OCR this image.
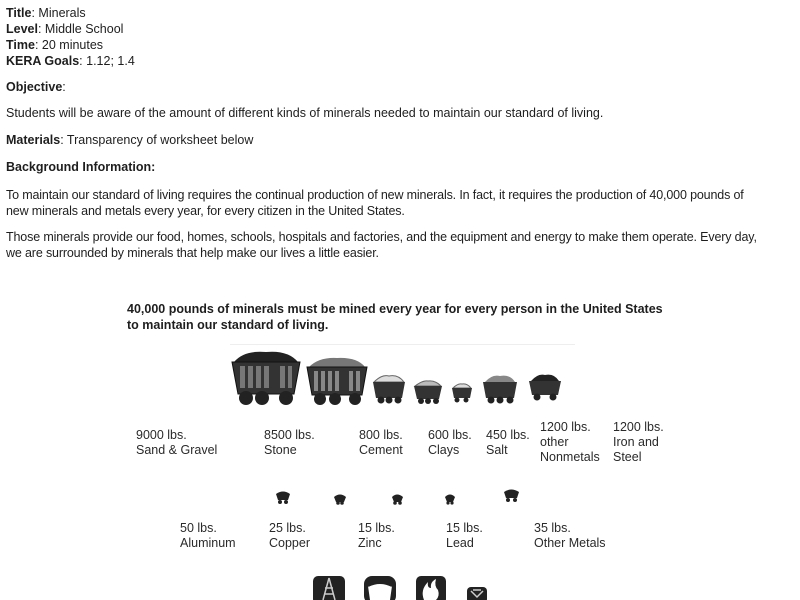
Title: Minerals
Level: Middle School
Time: 20 minutes
KERA Goals: 1.12; 1.4
Objective:

Students will be aware of the amount of different kinds of minerals needed to maintain our standard of living.

Materials: Transparency of worksheet below
Background Information:
To maintain our standard of living requires the continual production of new minerals. In fact, it requires the production of 40,000 pounds of
new minerals and metals every year, for every citizen in the United States.
Those minerals provide our food, homes, schools, hospitals and factories, and the equipment and energy to make them operate. Every day,
we are surrounded by minerals that help make our lives a little easier.
40,000 pounds of minerals must be mined every year for every person in the United States
to maintain our standard of living.
9000 lbs.
Sand & Gravel
8500 lbs.
Stone
800 lbs.
Cement
600 lbs.
Clays
450 lbs.
Salt
1200 lbs.
other
Nonmetals
1200 lbs.
Iron and
Steel
50 lbs.
Aluminum
25 lbs.
Copper
15 lbs.
Zinc
15 lbs.
Lead
35 lbs.
Other Metals
